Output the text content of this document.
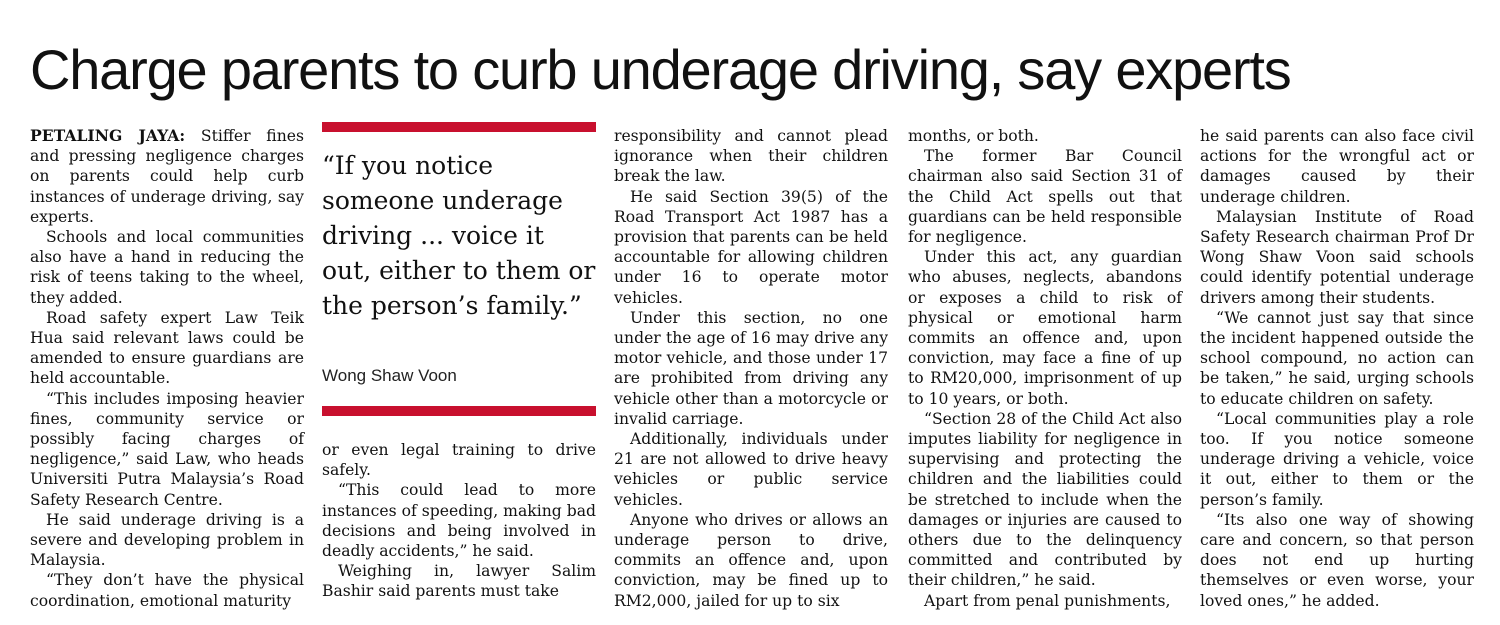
Charge parents to curb underage driving, say experts

PETALING JAYA: Stiffer fines and pressing negligence charges on parents could help curb instances of underage driving, say experts.

Schools and local communities also have a hand in reducing the risk of teens taking to the wheel, they added.

Road safety expert Law Teik Hua said relevant laws could be amended to ensure guardians are held accountable.

“This includes imposing heavier fines, community service or possibly facing charges of negligence,” said Law, who heads Universiti Putra Malaysia’s Road Safety Research Centre.

He said underage driving is a severe and developing problem in Malaysia.

“They don’t have the physical coordination, emotional maturity

“If you notice someone underage driving ... voice it out, either to them or the person’s family.”

Wong Shaw Voon

or even legal training to drive safely.

“This could lead to more instances of speeding, making bad decisions and being involved in deadly accidents,” he said.

Weighing in, lawyer Salim Bashir said parents must take

responsibility and cannot plead ignorance when their children break the law.

He said Section 39(5) of the Road Transport Act 1987 has a provision that parents can be held accountable for allowing children under 16 to operate motor vehicles.

Under this section, no one under the age of 16 may drive any motor vehicle, and those under 17 are prohibited from driving any vehicle other than a motorcycle or invalid carriage.

Additionally, individuals under 21 are not allowed to drive heavy vehicles or public service vehicles.

Anyone who drives or allows an underage person to drive, commits an offence and, upon conviction, may be fined up to RM2,000, jailed for up to six

months, or both.

The former Bar Council chairman also said Section 31 of the Child Act spells out that guardians can be held responsible for negligence.

Under this act, any guardian who abuses, neglects, abandons or exposes a child to risk of physical or emotional harm commits an offence and, upon conviction, may face a fine of up to RM20,000, imprisonment of up to 10 years, or both.

“Section 28 of the Child Act also imputes liability for negligence in supervising and protecting the children and the liabilities could be stretched to include when the damages or injuries are caused to others due to the delinquency committed and contributed by their children,” he said.

Apart from penal punishments,

he said parents can also face civil actions for the wrongful act or damages caused by their underage children.

Malaysian Institute of Road Safety Research chairman Prof Dr Wong Shaw Voon said schools could identify potential underage drivers among their students.

“We cannot just say that since the incident happened outside the school compound, no action can be taken,” he said, urging schools to educate children on safety.

“Local communities play a role too. If you notice someone underage driving a vehicle, voice it out, either to them or the person’s family.

“Its also one way of showing care and concern, so that person does not end up hurting themselves or even worse, your loved ones,” he added.
